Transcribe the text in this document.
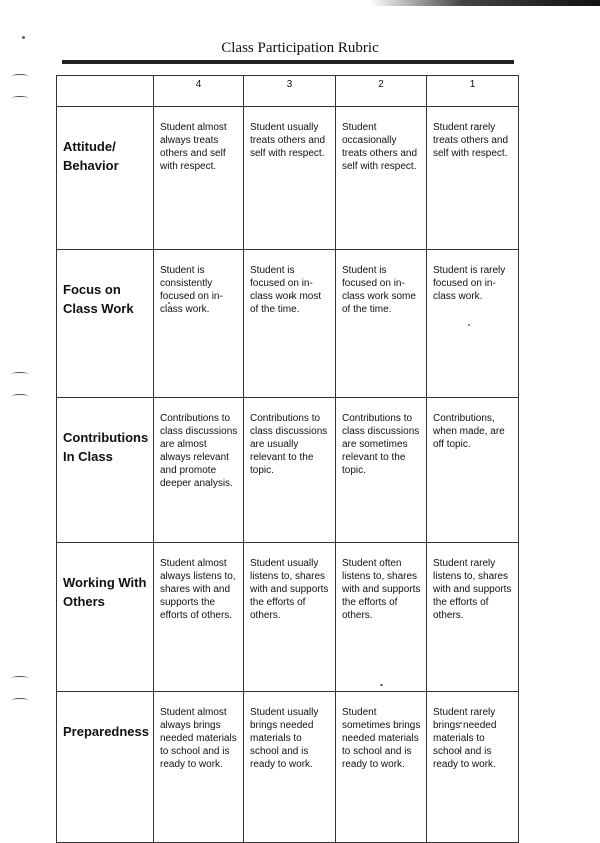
Class Participation Rubric
	4	3	2	1
Attitude/ Behavior	Student almost always treats others and self with respect.	Student usually treats others and self with respect.	Student occasionally treats others and self with respect.	Student rarely treats others and self with respect.
Focus on Class Work	Student is consistently focused on in-class work.	Student is focused on in-class work most of the time.	Student is focused on in-class work some of the time.	Student is rarely focused on in-class work.
Contributions In Class	Contributions to class discussions are almost always relevant and promote deeper analysis.	Contributions to class discussions are usually relevant to the topic.	Contributions to class discussions are sometimes relevant to the topic.	Contributions, when made, are off topic.
Working With Others	Student almost always listens to, shares with and supports the efforts of others.	Student usually listens to, shares with and supports the efforts of others.	Student often listens to, shares with and supports the efforts of others.	Student rarely listens to, shares with and supports the efforts of others.
Preparedness	Student almost always brings needed materials to school and is ready to work.	Student usually brings needed materials to school and is ready to work.	Student sometimes brings needed materials to school and is ready to work.	Student rarely brings needed materials to school and is ready to work.
